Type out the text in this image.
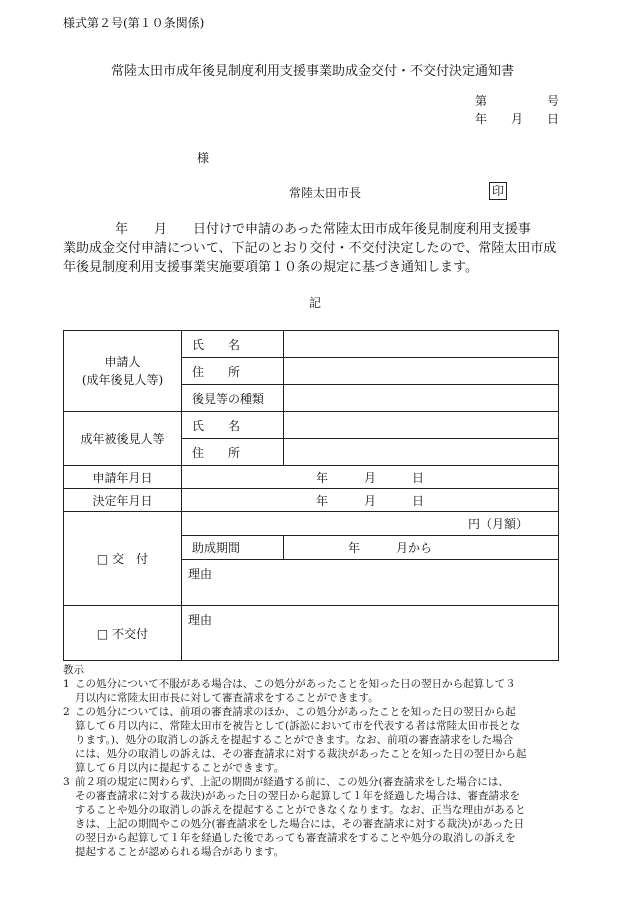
様式第２号(第１０条関係)
常陸太田市成年後見制度利用支援事業助成金交付・不交付決定通知書
第　　　　　号
年　　月　　日
様
常陸太田市長	印
　　　　年　　月　　日付けで申請のあった常陸太田市成年後見制度利用支援事
業助成金交付申請について、下記のとおり交付・不交付決定したので、常陸太田市成
年後見制度利用支援事業実施要項第１０条の規定に基づき通知します。
記
申請人
(成年後見人等)	氏　　名	
	住　　所	
	後見等の種類	
成年被後見人等	氏　　名	
	住　　所	
申請年月日	年　　　月　　　日	
決定年月日	年　　　月　　　日	
□ 交　付	円（月額）	
	助成期間	年　　　月から
	理由	
□ 不交付	理由	
教示
1 この処分について不服がある場合は、この処分があったことを知った日の翌日から起算して３
月以内に常陸太田市長に対して審査請求をすることができます。
2 この処分については、前項の審査請求のほか、この処分があったことを知った日の翌日から起
算して６月以内に、常陸太田市を被告として(訴訟において市を代表する者は常陸太田市長とな
ります。)、処分の取消しの訴えを提起することができます。なお、前項の審査請求をした場合
には、処分の取消しの訴えは、その審査請求に対する裁決があったことを知った日の翌日から起
算して６月以内に提起することができます。
3 前２項の規定に関わらず、上記の期間が経過する前に、この処分(審査請求をした場合には、
その審査請求に対する裁決)があった日の翌日から起算して１年を経過した場合は、審査請求を
することや処分の取消しの訴えを提起することができなくなります。なお、正当な理由があると
きは、上記の期間やこの処分(審査請求をした場合には、その審査請求に対する裁決)があった日
の翌日から起算して１年を経過した後であっても審査請求をすることや処分の取消しの訴えを
提起することが認められる場合があります。
